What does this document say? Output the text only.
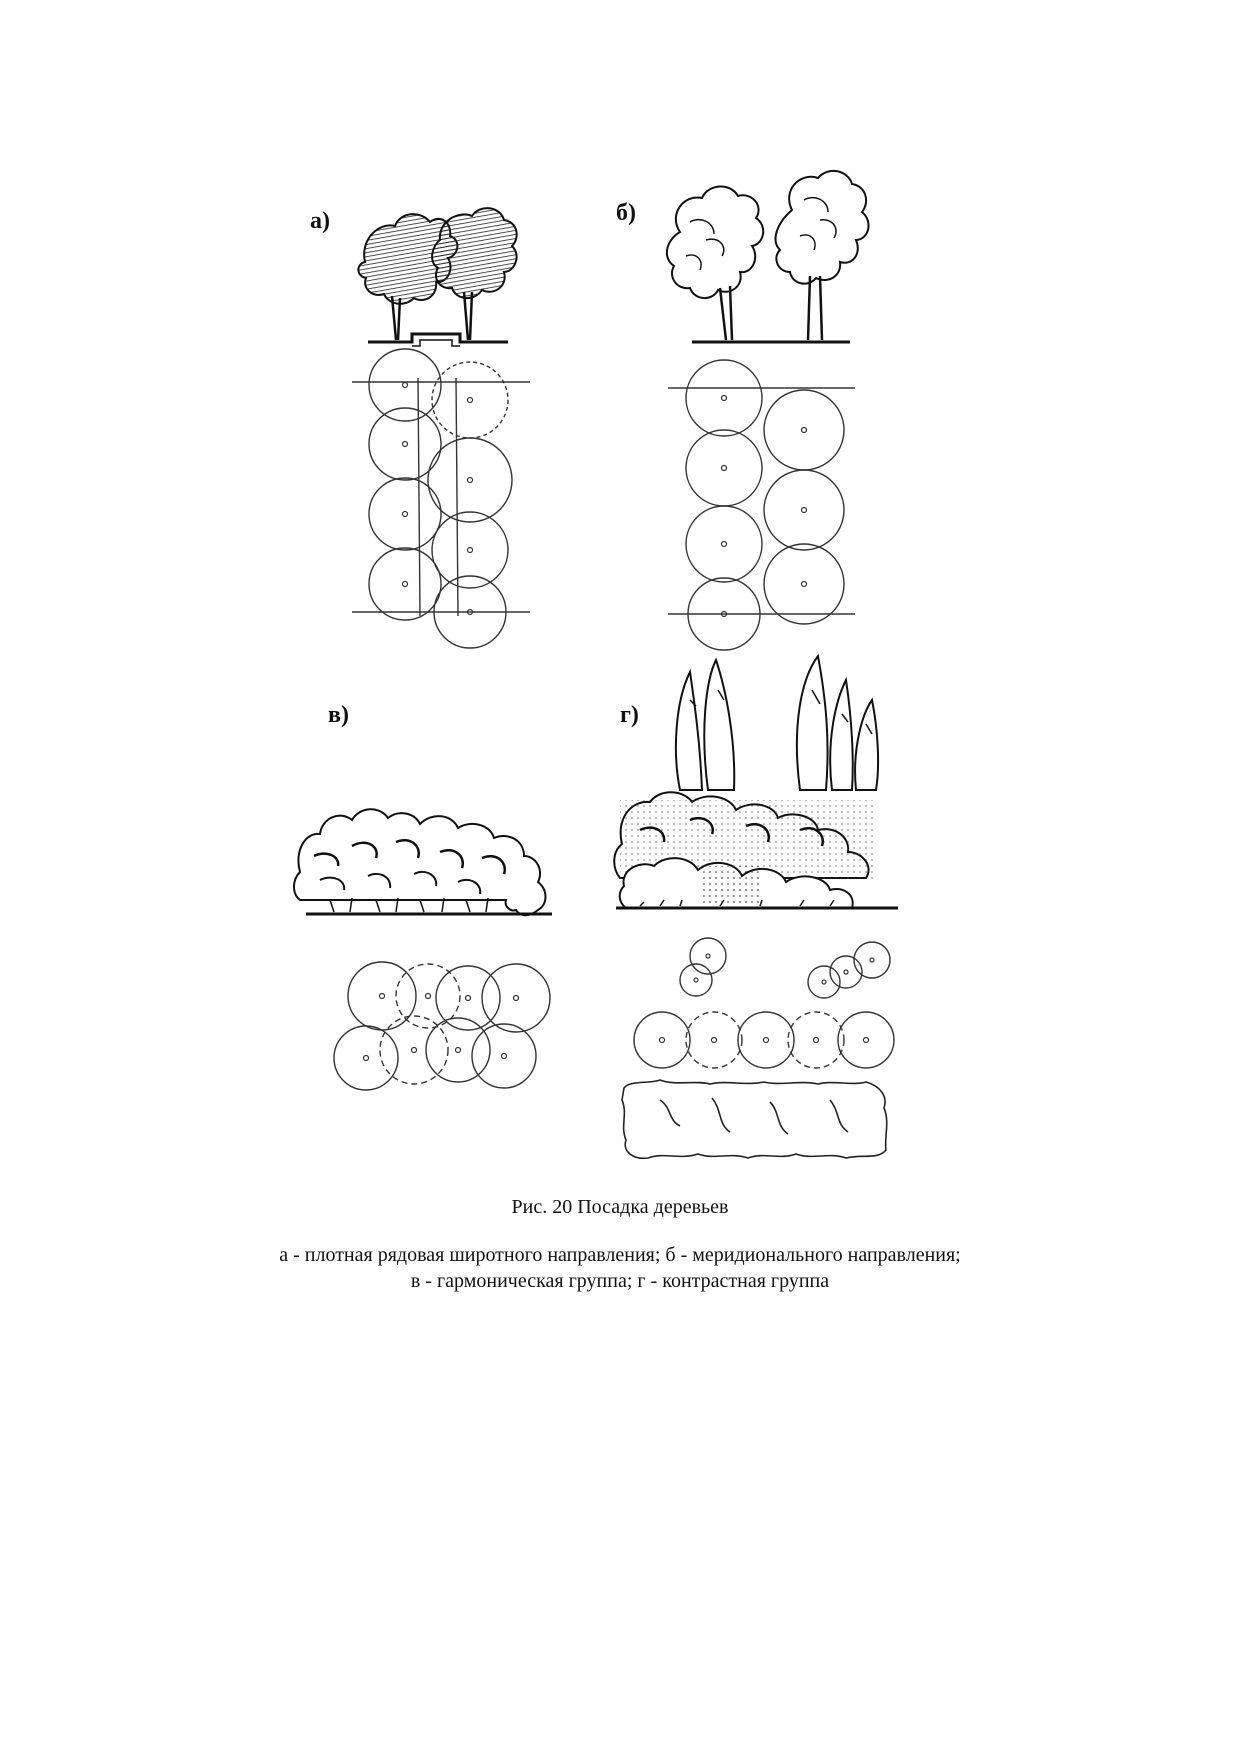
а)	б)
в)	г)
Рис. 20 Посадка деревьев
а - плотная рядовая широтного направления; б - меридионального направления;
в - гармоническая группа; г - контрастная группа
